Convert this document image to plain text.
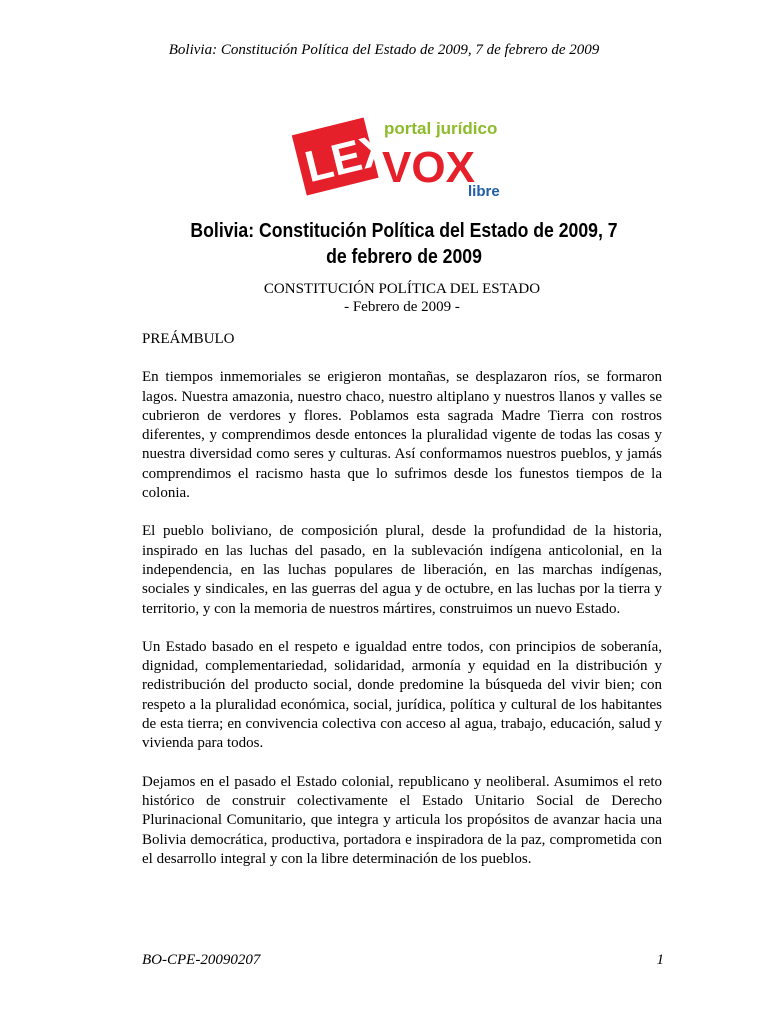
Bolivia: Constitución Política del Estado de 2009, 7 de febrero de 2009
LEX
portal jurídico
VOX
libre
Bolivia: Constitución Política del Estado de 2009, 7 de febrero de 2009
CONSTITUCIÓN POLÍTICA DEL ESTADO
- Febrero de 2009 -

PREÁMBULO

En tiempos inmemoriales se erigieron montañas, se desplazaron ríos, se formaron lagos. Nuestra amazonia, nuestro chaco, nuestro altiplano y nuestros llanos y valles se cubrieron de verdores y flores. Poblamos esta sagrada Madre Tierra con rostros diferentes, y comprendimos desde entonces la pluralidad vigente de todas las cosas y nuestra diversidad como seres y culturas. Así conformamos nuestros pueblos, y jamás comprendimos el racismo hasta que lo sufrimos desde los funestos tiempos de la colonia.

El pueblo boliviano, de composición plural, desde la profundidad de la historia, inspirado en las luchas del pasado, en la sublevación indígena anticolonial, en la independencia, en las luchas populares de liberación, en las marchas indígenas, sociales y sindicales, en las guerras del agua y de octubre, en las luchas por la tierra y territorio, y con la memoria de nuestros mártires, construimos un nuevo Estado.

Un Estado basado en el respeto e igualdad entre todos, con principios de soberanía, dignidad, complementariedad, solidaridad, armonía y equidad en la distribución y redistribución del producto social, donde predomine la búsqueda del vivir bien; con respeto a la pluralidad económica, social, jurídica, política y cultural de los habitantes de esta tierra; en convivencia colectiva con acceso al agua, trabajo, educación, salud y vivienda para todos.

Dejamos en el pasado el Estado colonial, republicano y neoliberal. Asumimos el reto histórico de construir colectivamente el Estado Unitario Social de Derecho Plurinacional Comunitario, que integra y articula los propósitos de avanzar hacia una Bolivia democrática, productiva, portadora e inspiradora de la paz, comprometida con el desarrollo integral y con la libre determinación de los pueblos.

BO-CPE-20090207	1
